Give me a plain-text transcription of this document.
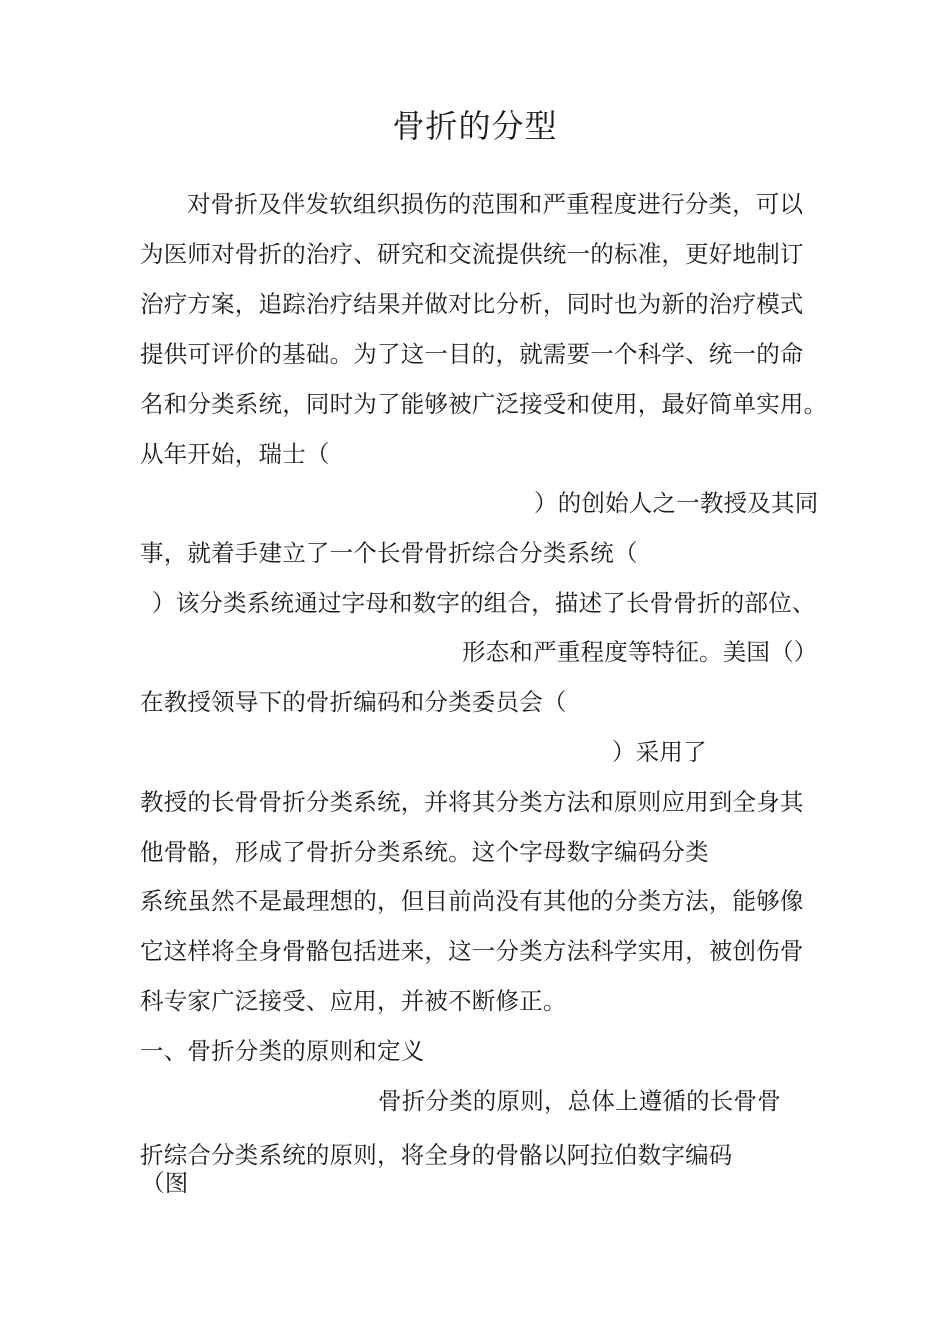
骨折的分型
对骨折及伴发软组织损伤的范围和严重程度进行分类，可以
为医师对骨折的治疗、研究和交流提供统一的标准，更好地制订
治疗方案，追踪治疗结果并做对比分析，同时也为新的治疗模式
提供可评价的基础。为了这一目的，就需要一个科学、统一的命
名和分类系统，同时为了能够被广泛接受和使用，最好简单实用。
从年开始，瑞士（
）的创始人之一教授及其同
事，就着手建立了一个长骨骨折综合分类系统（
）该分类系统通过字母和数字的组合，描述了长骨骨折的部位、
形态和严重程度等特征。美国（）
在教授领导下的骨折编码和分类委员会（
）采用了
教授的长骨骨折分类系统，并将其分类方法和原则应用到全身其
他骨骼，形成了骨折分类系统。这个字母数字编码分类
系统虽然不是最理想的，但目前尚没有其他的分类方法，能够像
它这样将全身骨骼包括进来，这一分类方法科学实用，被创伤骨
科专家广泛接受、应用，并被不断修正。
一、骨折分类的原则和定义
骨折分类的原则，总体上遵循的长骨骨
折综合分类系统的原则，将全身的骨骼以阿拉伯数字编码
（图
